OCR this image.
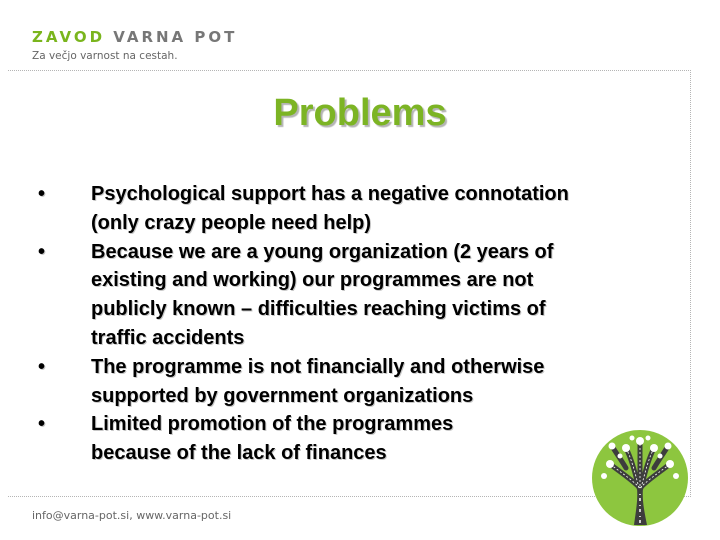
ZAVOD VARNA POT
Za večjo varnost na cestah.
Problems
• Psychological support has a negative connotation
(only crazy people need help)
• Because we are a young organization (2 years of
existing and working) our programmes are not
publicly known – difficulties reaching victims of
traffic accidents
• The programme is not financially and otherwise
supported by government organizations
• Limited promotion of the programmes
because of the lack of finances
info@varna-pot.si, www.varna-pot.si
